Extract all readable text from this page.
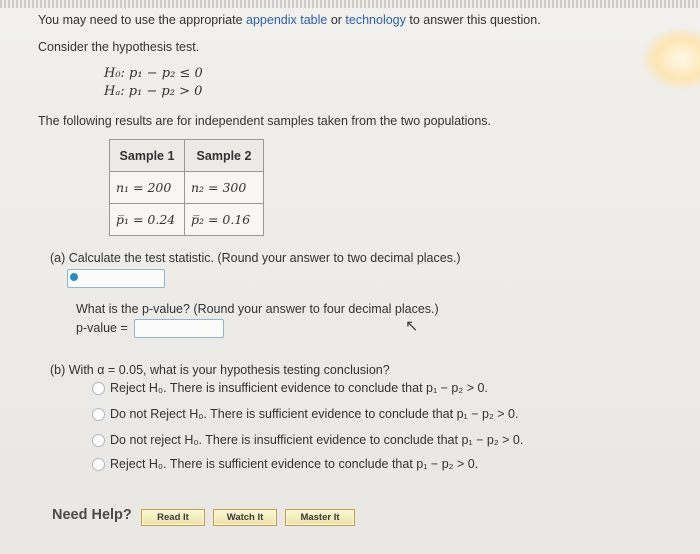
You may need to use the appropriate appendix table or technology to answer this question.
Consider the hypothesis test.
H₀: p₁ − p₂ ≤ 0
Hₐ: p₁ − p₂ > 0
The following results are for independent samples taken from the two populations.
Sample 1	Sample 2
n₁ = 200	n₂ = 300
p̅₁ = 0.24	p̅₂ = 0.16
(a) Calculate the test statistic. (Round your answer to two decimal places.)
What is the p-value? (Round your answer to four decimal places.)
p-value =	↖
(b) With α = 0.05, what is your hypothesis testing conclusion?
Reject H₀. There is insufficient evidence to conclude that p₁ − p₂ > 0.
Do not Reject H₀. There is sufficient evidence to conclude that p₁ − p₂ > 0.
Do not reject H₀. There is insufficient evidence to conclude that p₁ − p₂ > 0.
Reject H₀. There is sufficient evidence to conclude that p₁ − p₂ > 0.
Need Help?	Read It	Watch It	Master It
